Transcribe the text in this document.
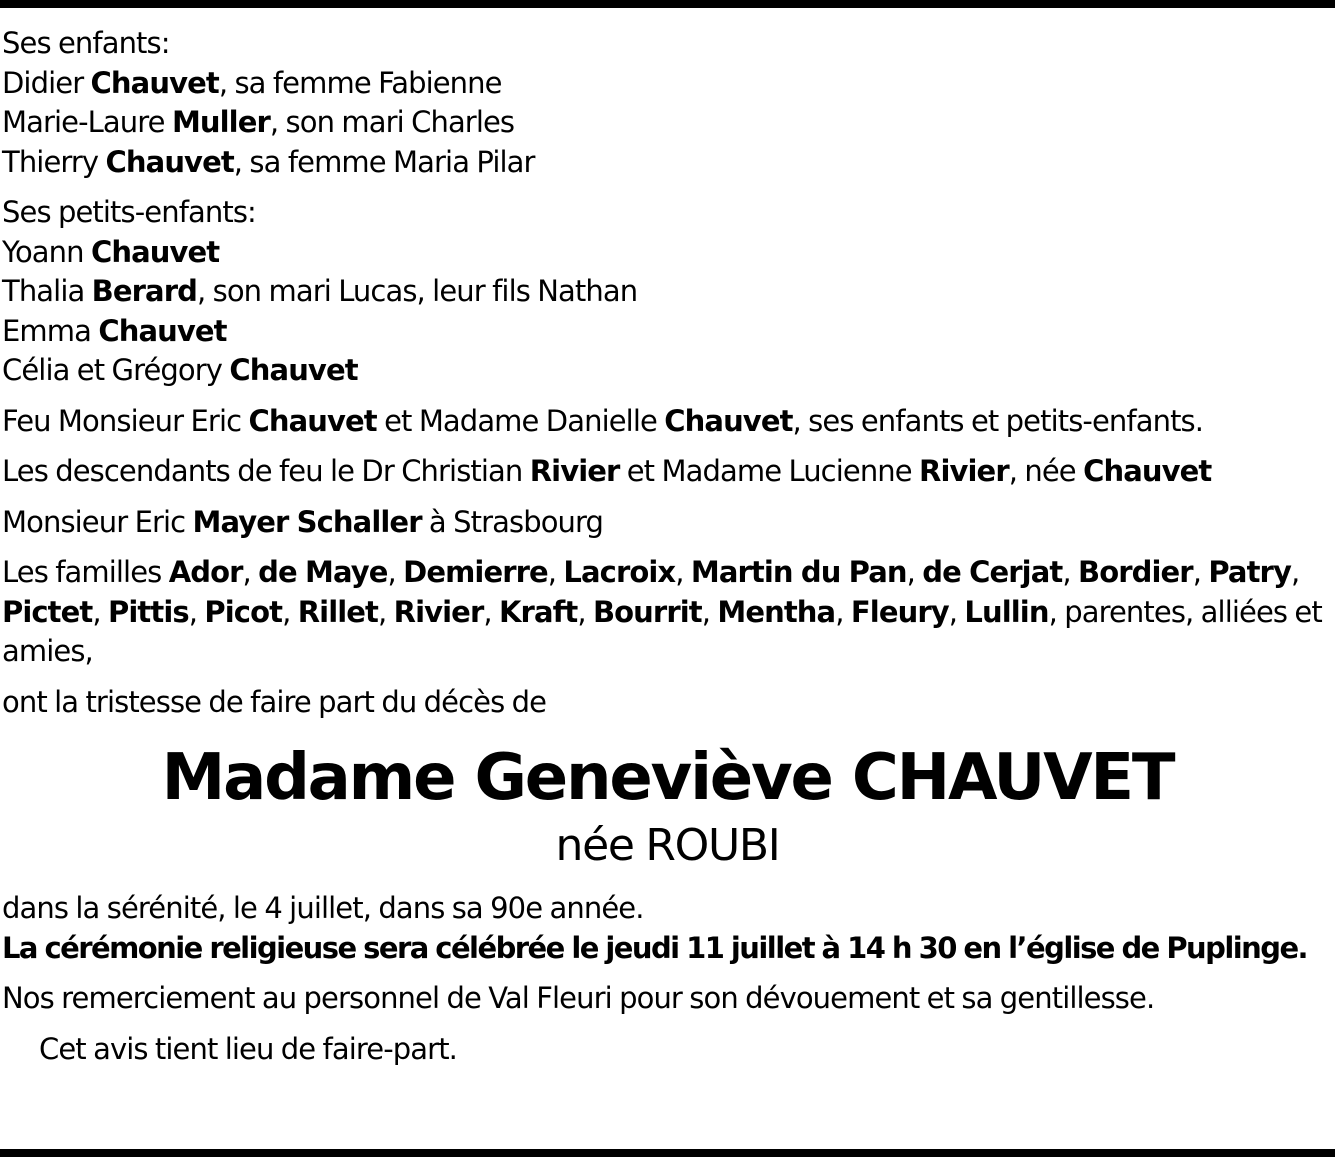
Ses enfants:
Didier Chauvet, sa femme Fabienne
Marie-Laure Muller, son mari Charles
Thierry Chauvet, sa femme Maria Pilar
Ses petits-enfants:
Yoann Chauvet
Thalia Berard, son mari Lucas, leur fils Nathan
Emma Chauvet
Célia et Grégory Chauvet
Feu Monsieur Eric Chauvet et Madame Danielle Chauvet, ses enfants et petits-enfants.
Les descendants de feu le Dr Christian Rivier et Madame Lucienne Rivier, née Chauvet
Monsieur Eric Mayer Schaller à Strasbourg
Les familles Ador, de Maye, Demierre, Lacroix, Martin du Pan, de Cerjat, Bordier, Patry, Pictet, Pittis, Picot, Rillet, Rivier, Kraft, Bourrit, Mentha, Fleury, Lullin, parentes, alliées et amies,
ont la tristesse de faire part du décès de
Madame Geneviève CHAUVET
née ROUBI
dans la sérénité, le 4 juillet, dans sa 90e année.
La cérémonie religieuse sera célébrée le jeudi 11 juillet à 14 h 30 en l’église de Puplinge.
Nos remerciement au personnel de Val Fleuri pour son dévouement et sa gentillesse.
Cet avis tient lieu de faire-part.
